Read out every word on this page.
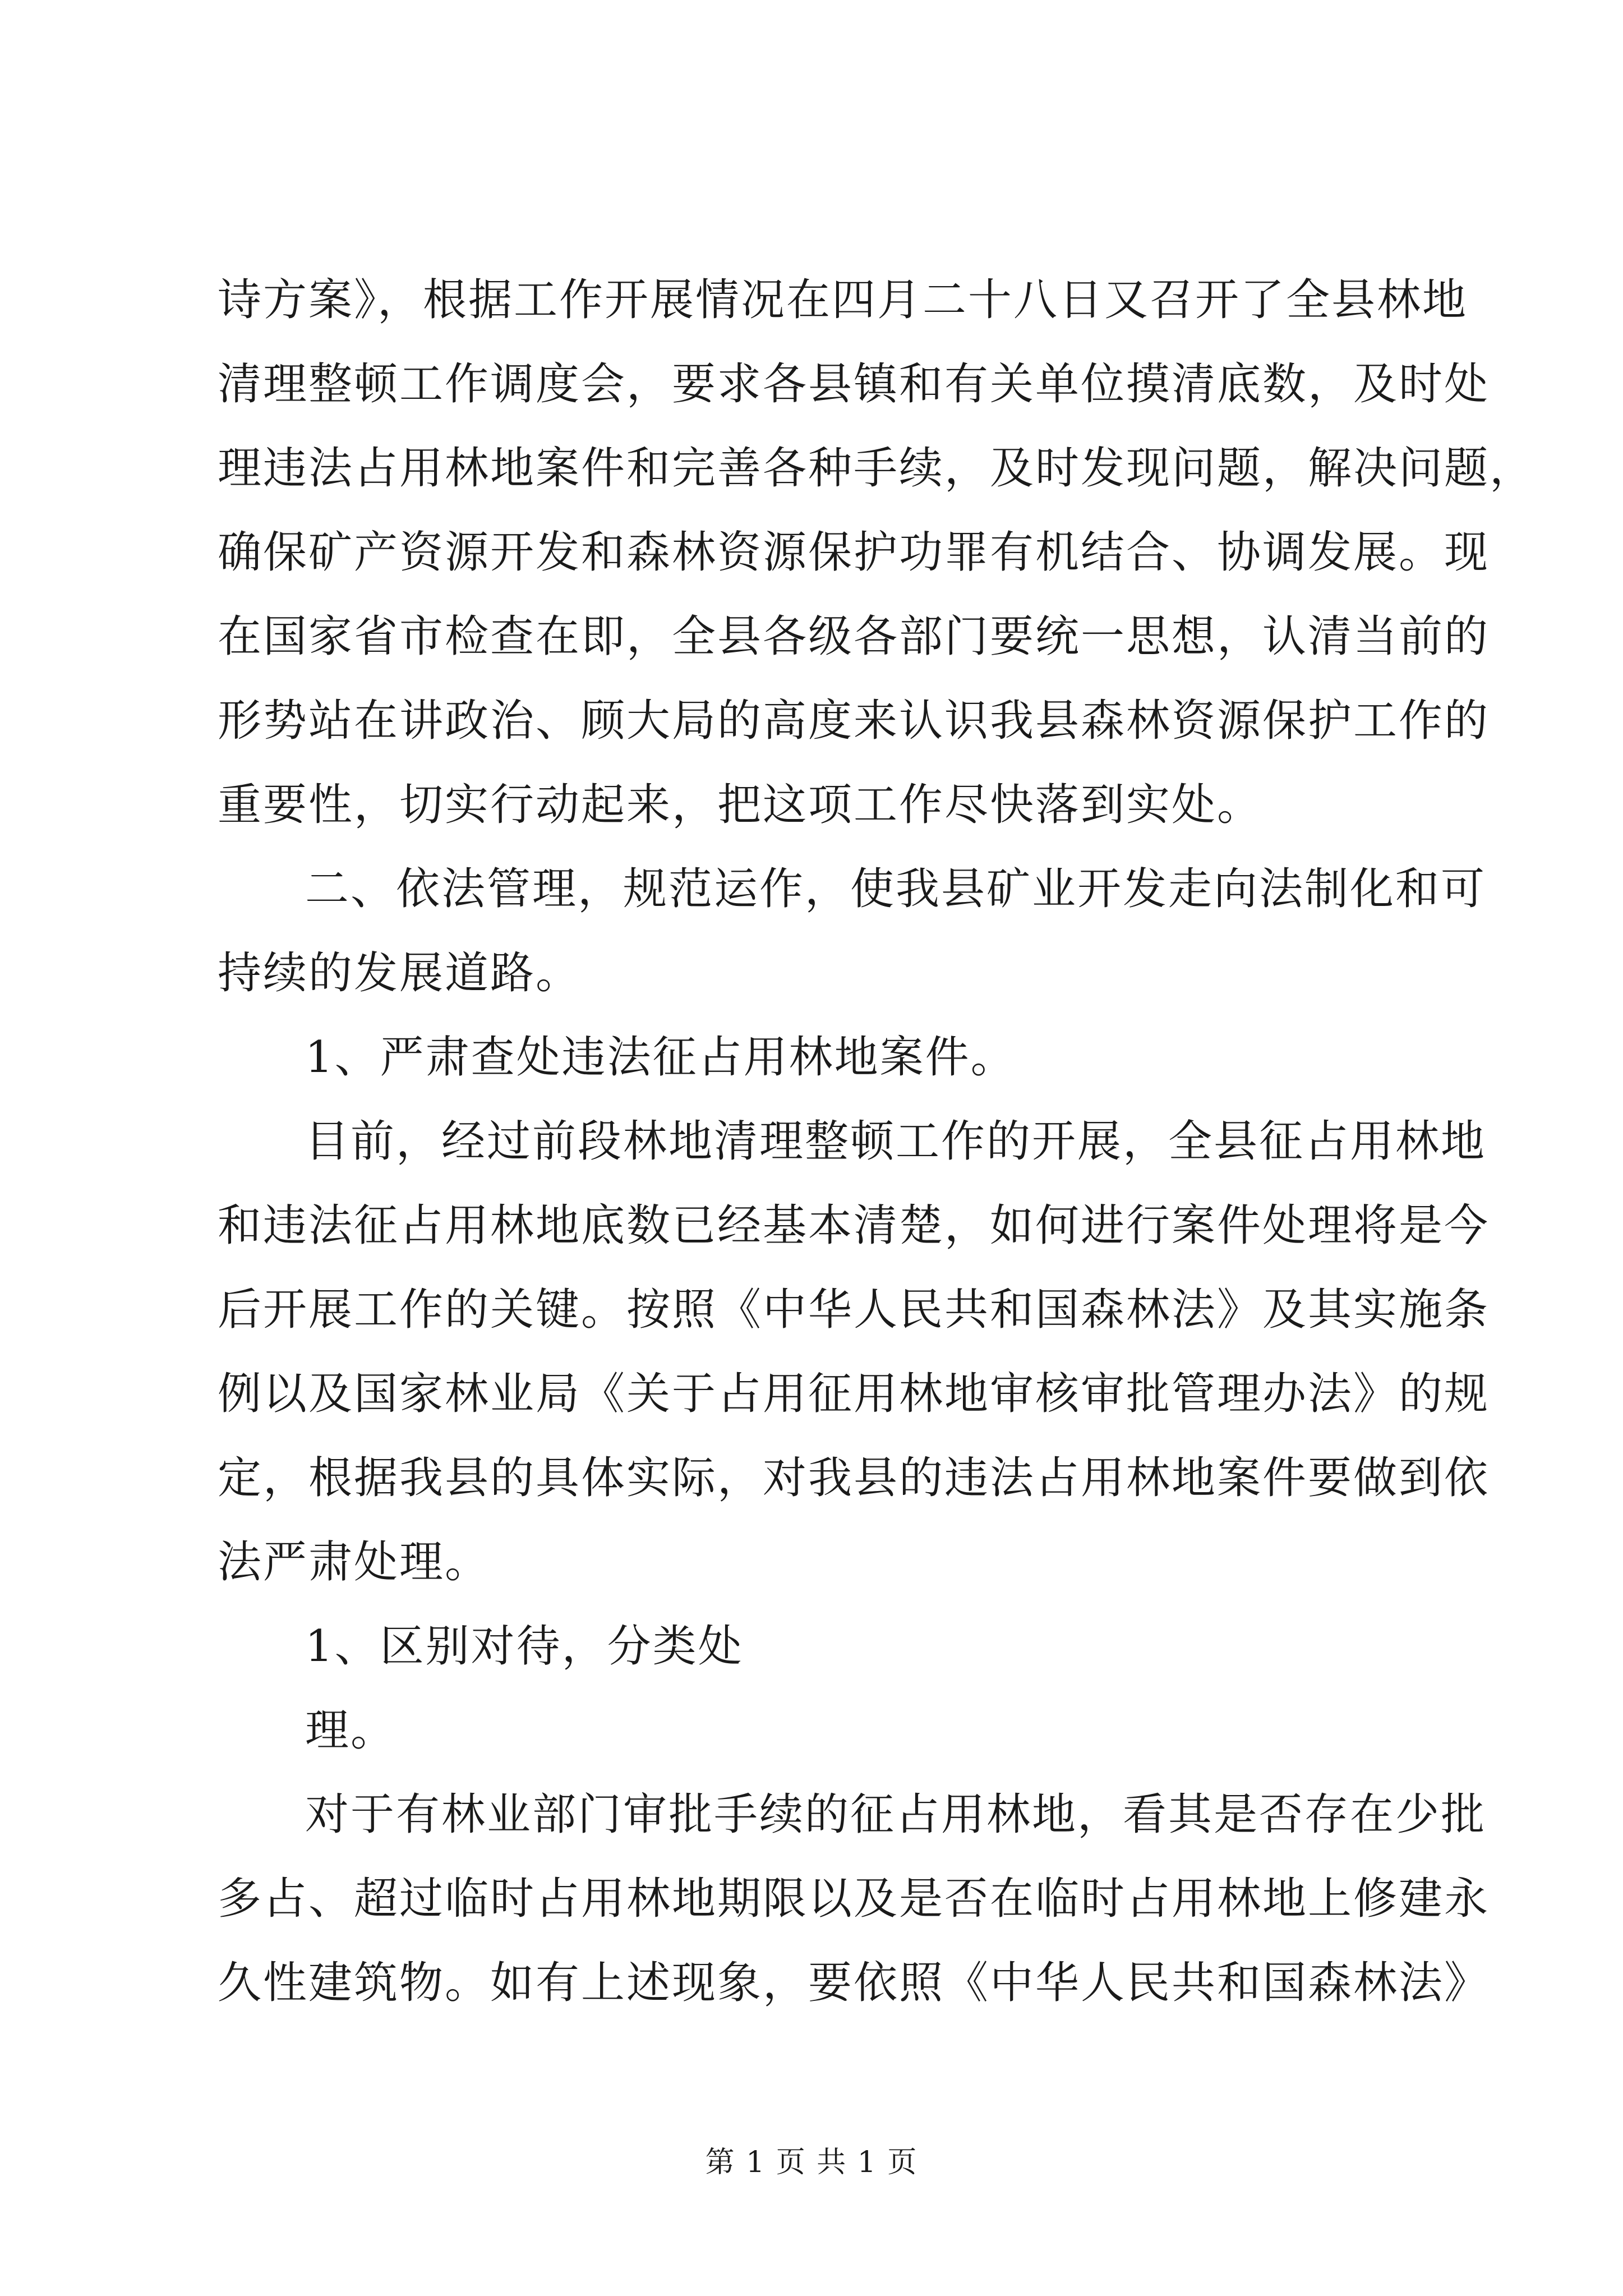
诗方案》，根据工作开展情况在四月二十八日又召开了全县林地
清理整顿工作调度会，要求各县镇和有关单位摸清底数，及时处
理违法占用林地案件和完善各种手续，及时发现问题，解决问题，
确保矿产资源开发和森林资源保护功罪有机结合、协调发展。现
在国家省市检查在即，全县各级各部门要统一思想，认清当前的
形势站在讲政治、顾大局的高度来认识我县森林资源保护工作的
重要性，切实行动起来，把这项工作尽快落到实处。
二、依法管理，规范运作，使我县矿业开发走向法制化和可
持续的发展道路。
1、严肃查处违法征占用林地案件。
目前，经过前段林地清理整顿工作的开展，全县征占用林地
和违法征占用林地底数已经基本清楚，如何进行案件处理将是今
后开展工作的关键。按照《中华人民共和国森林法》及其实施条
例以及国家林业局《关于占用征用林地审核审批管理办法》的规
定，根据我县的具体实际，对我县的违法占用林地案件要做到依
法严肃处理。
1、区别对待，分类处
理。
对于有林业部门审批手续的征占用林地，看其是否存在少批
多占、超过临时占用林地期限以及是否在临时占用林地上修建永
久性建筑物。如有上述现象，要依照《中华人民共和国森林法》
第 1 页 共 1 页
